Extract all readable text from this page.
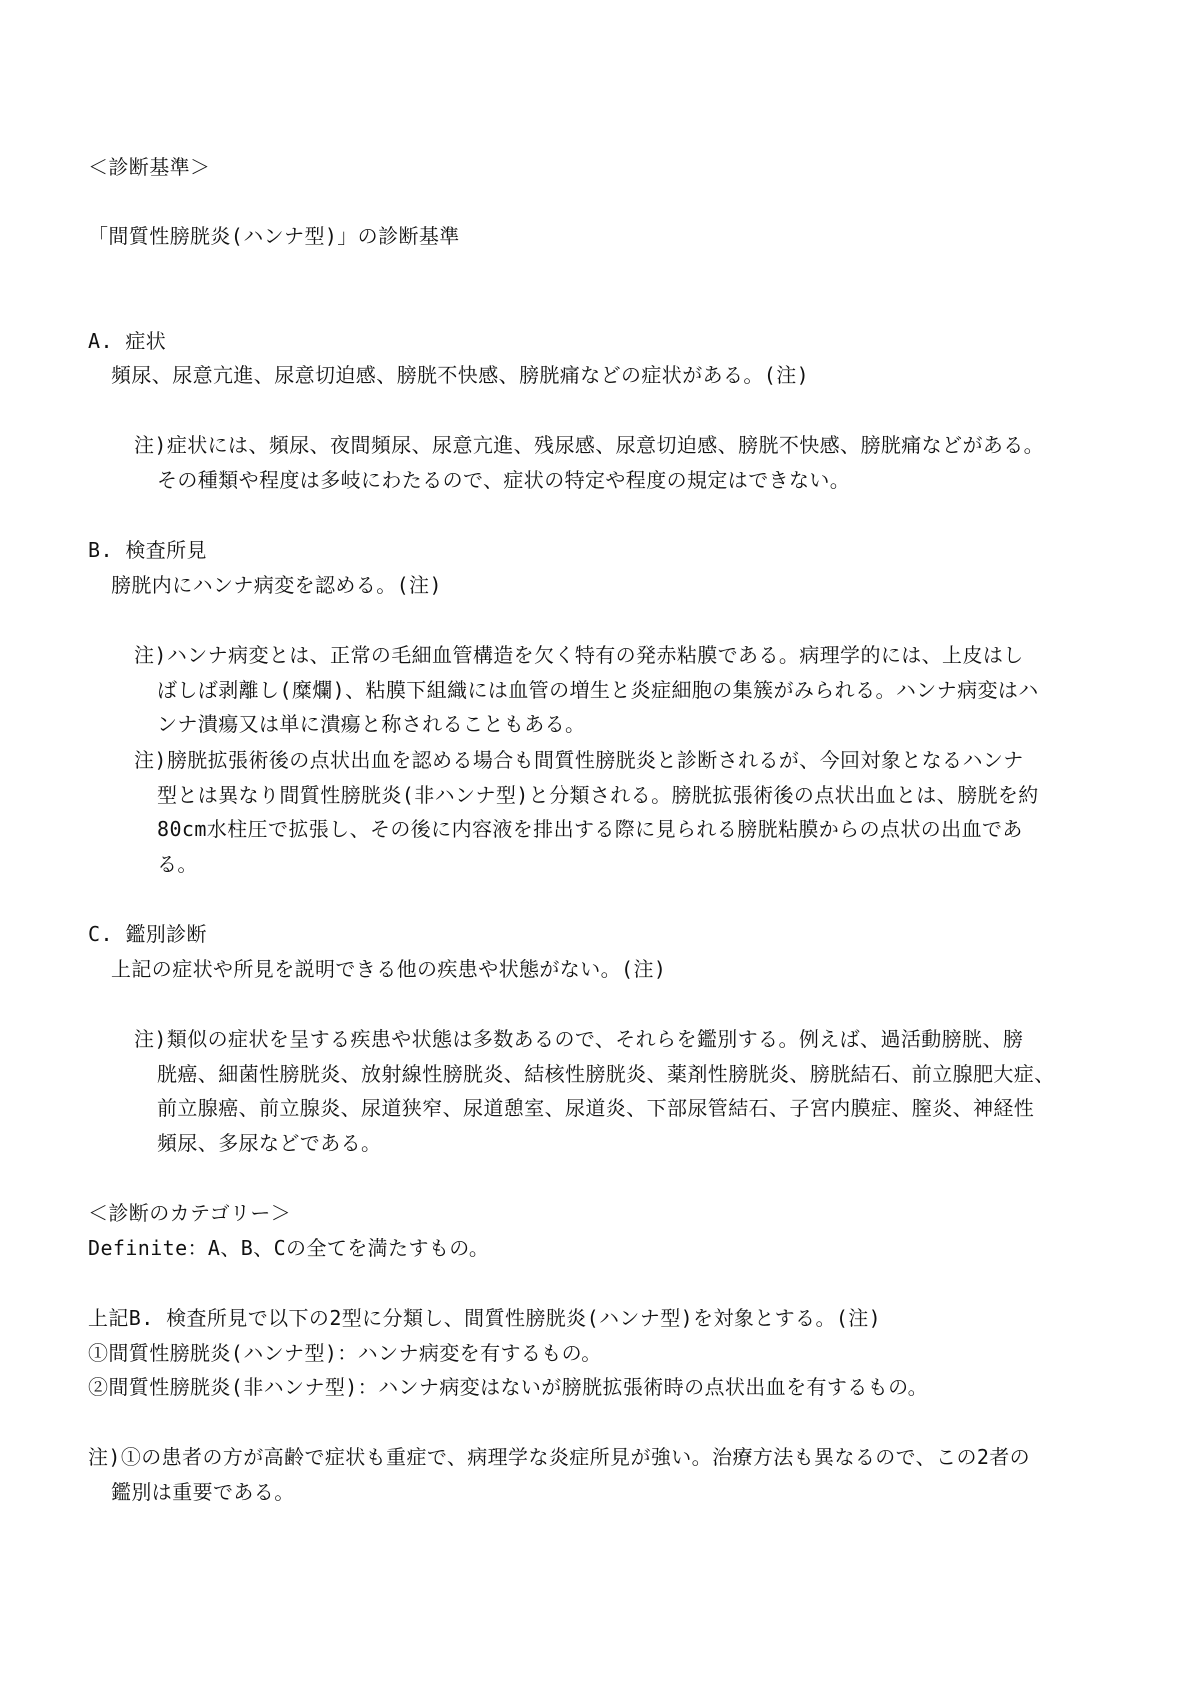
＜診断基準＞
「間質性膀胱炎(ハンナ型)」の診断基準
A. 症状
頻尿、尿意亢進、尿意切迫感、膀胱不快感、膀胱痛などの症状がある。(注)
注)症状には、頻尿、夜間頻尿、尿意亢進、残尿感、尿意切迫感、膀胱不快感、膀胱痛などがある。
その種類や程度は多岐にわたるので、症状の特定や程度の規定はできない。
B. 検査所見
膀胱内にハンナ病変を認める。(注)
注)ハンナ病変とは、正常の毛細血管構造を欠く特有の発赤粘膜である。病理学的には、上皮はし
ばしば剥離し(糜爛)、粘膜下組織には血管の増生と炎症細胞の集簇がみられる。ハンナ病変はハ
ンナ潰瘍又は単に潰瘍と称されることもある。
注)膀胱拡張術後の点状出血を認める場合も間質性膀胱炎と診断されるが、今回対象となるハンナ
型とは異なり間質性膀胱炎(非ハンナ型)と分類される。膀胱拡張術後の点状出血とは、膀胱を約
80cm水柱圧で拡張し、その後に内容液を排出する際に見られる膀胱粘膜からの点状の出血であ
る。
C. 鑑別診断
上記の症状や所見を説明できる他の疾患や状態がない。(注)
注)類似の症状を呈する疾患や状態は多数あるので、それらを鑑別する。例えば、過活動膀胱、膀
胱癌、細菌性膀胱炎、放射線性膀胱炎、結核性膀胱炎、薬剤性膀胱炎、膀胱結石、前立腺肥大症、
前立腺癌、前立腺炎、尿道狭窄、尿道憩室、尿道炎、下部尿管結石、子宮内膜症、膣炎、神経性
頻尿、多尿などである。
＜診断のカテゴリー＞
Definite：A、B、Cの全てを満たすもの。
上記B. 検査所見で以下の2型に分類し、間質性膀胱炎(ハンナ型)を対象とする。(注)
①間質性膀胱炎(ハンナ型)：ハンナ病変を有するもの。
②間質性膀胱炎(非ハンナ型)：ハンナ病変はないが膀胱拡張術時の点状出血を有するもの。
注)①の患者の方が高齢で症状も重症で、病理学な炎症所見が強い。治療方法も異なるので、この2者の
鑑別は重要である。
